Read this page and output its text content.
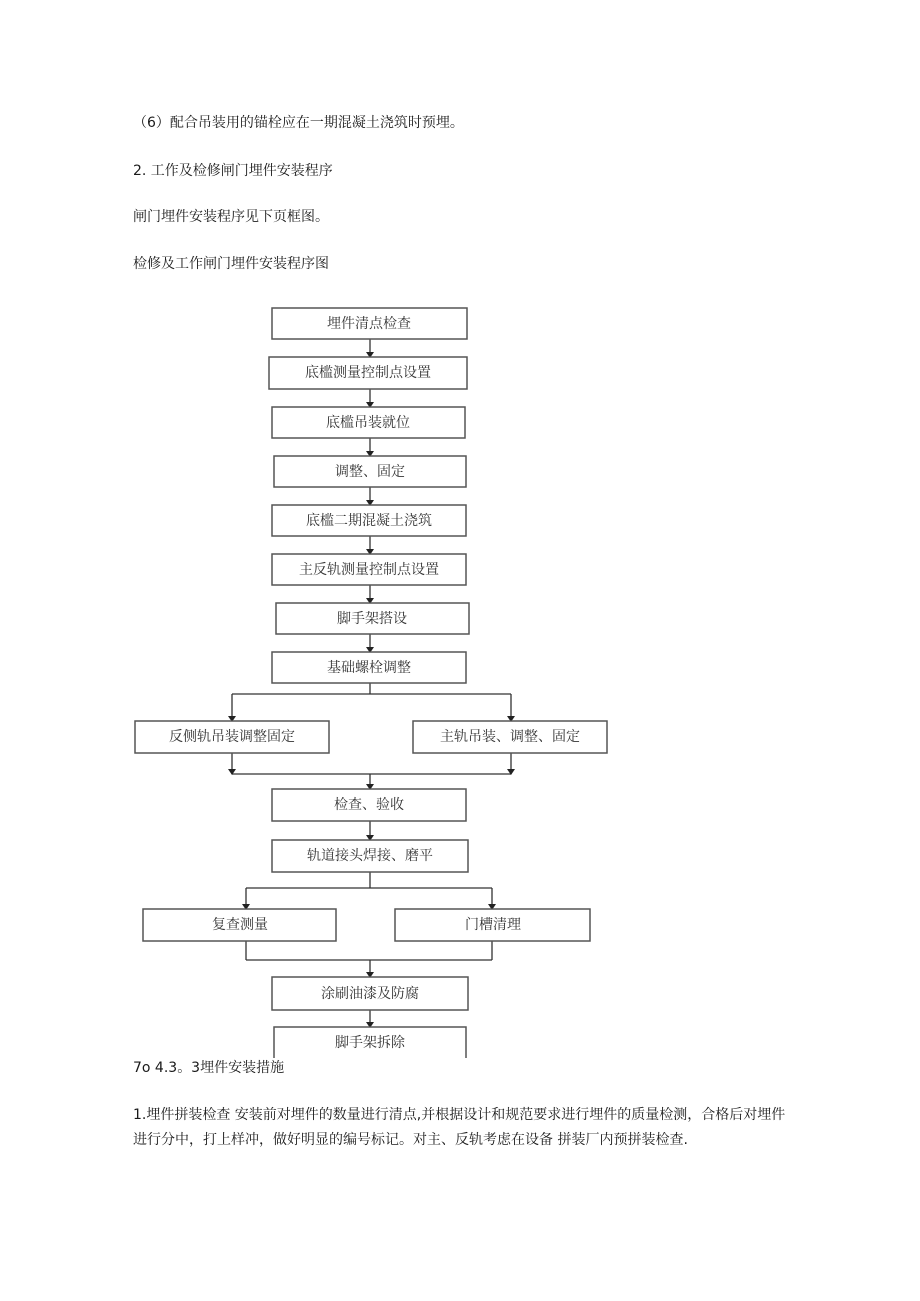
（6）配合吊装用的锚栓应在一期混凝土浇筑时预埋。
2. 工作及检修闸门埋件安装程序
闸门埋件安装程序见下页框图。
检修及工作闸门埋件安装程序图
埋件清点检查
底槛测量控制点设置
底槛吊装就位
调整、固定
底槛二期混凝土浇筑
主反轨测量控制点设置
脚手架搭设
基础螺栓调整
反侧轨吊装调整固定	主轨吊装、调整、固定
检查、验收
轨道接头焊接、磨平
复查测量	门槽清理
涂刷油漆及防腐
脚手架拆除
7o 4.3。3埋件安装措施
1.埋件拼装检查 安装前对埋件的数量进行清点,并根据设计和规范要求进行埋件的质量检测，合格后对埋件进行分中，打上样冲，做好明显的编号标记。对主、反轨考虑在设备 拼装厂内预拼装检查.
